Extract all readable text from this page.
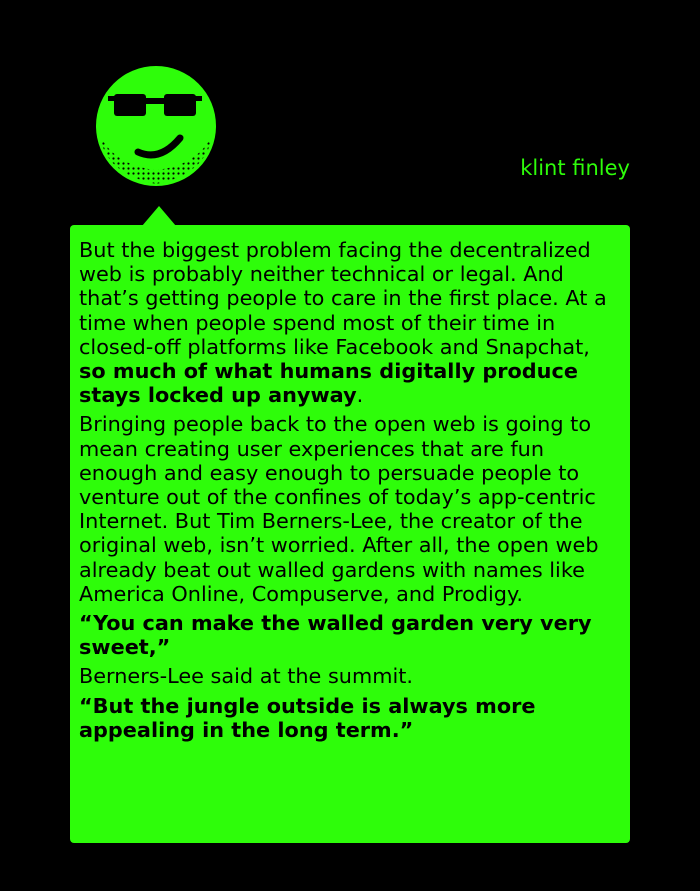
klint finley

But the biggest problem facing the decentralized web is probably neither technical or legal. And that’s getting people to care in the first place. At a time when people spend most of their time in closed-off platforms like Facebook and Snapchat, so much of what humans digitally produce stays locked up anyway.

Bringing people back to the open web is going to mean creating user experiences that are fun enough and easy enough to persuade people to venture out of the confines of today’s app-centric Internet. But Tim Berners-Lee, the creator of the original web, isn’t worried. After all, the open web already beat out walled gardens with names like America Online, Compuserve, and Prodigy.

“You can make the walled garden very very sweet,”

Berners-Lee said at the summit.

“But the jungle outside is always more appealing in the long term.”
